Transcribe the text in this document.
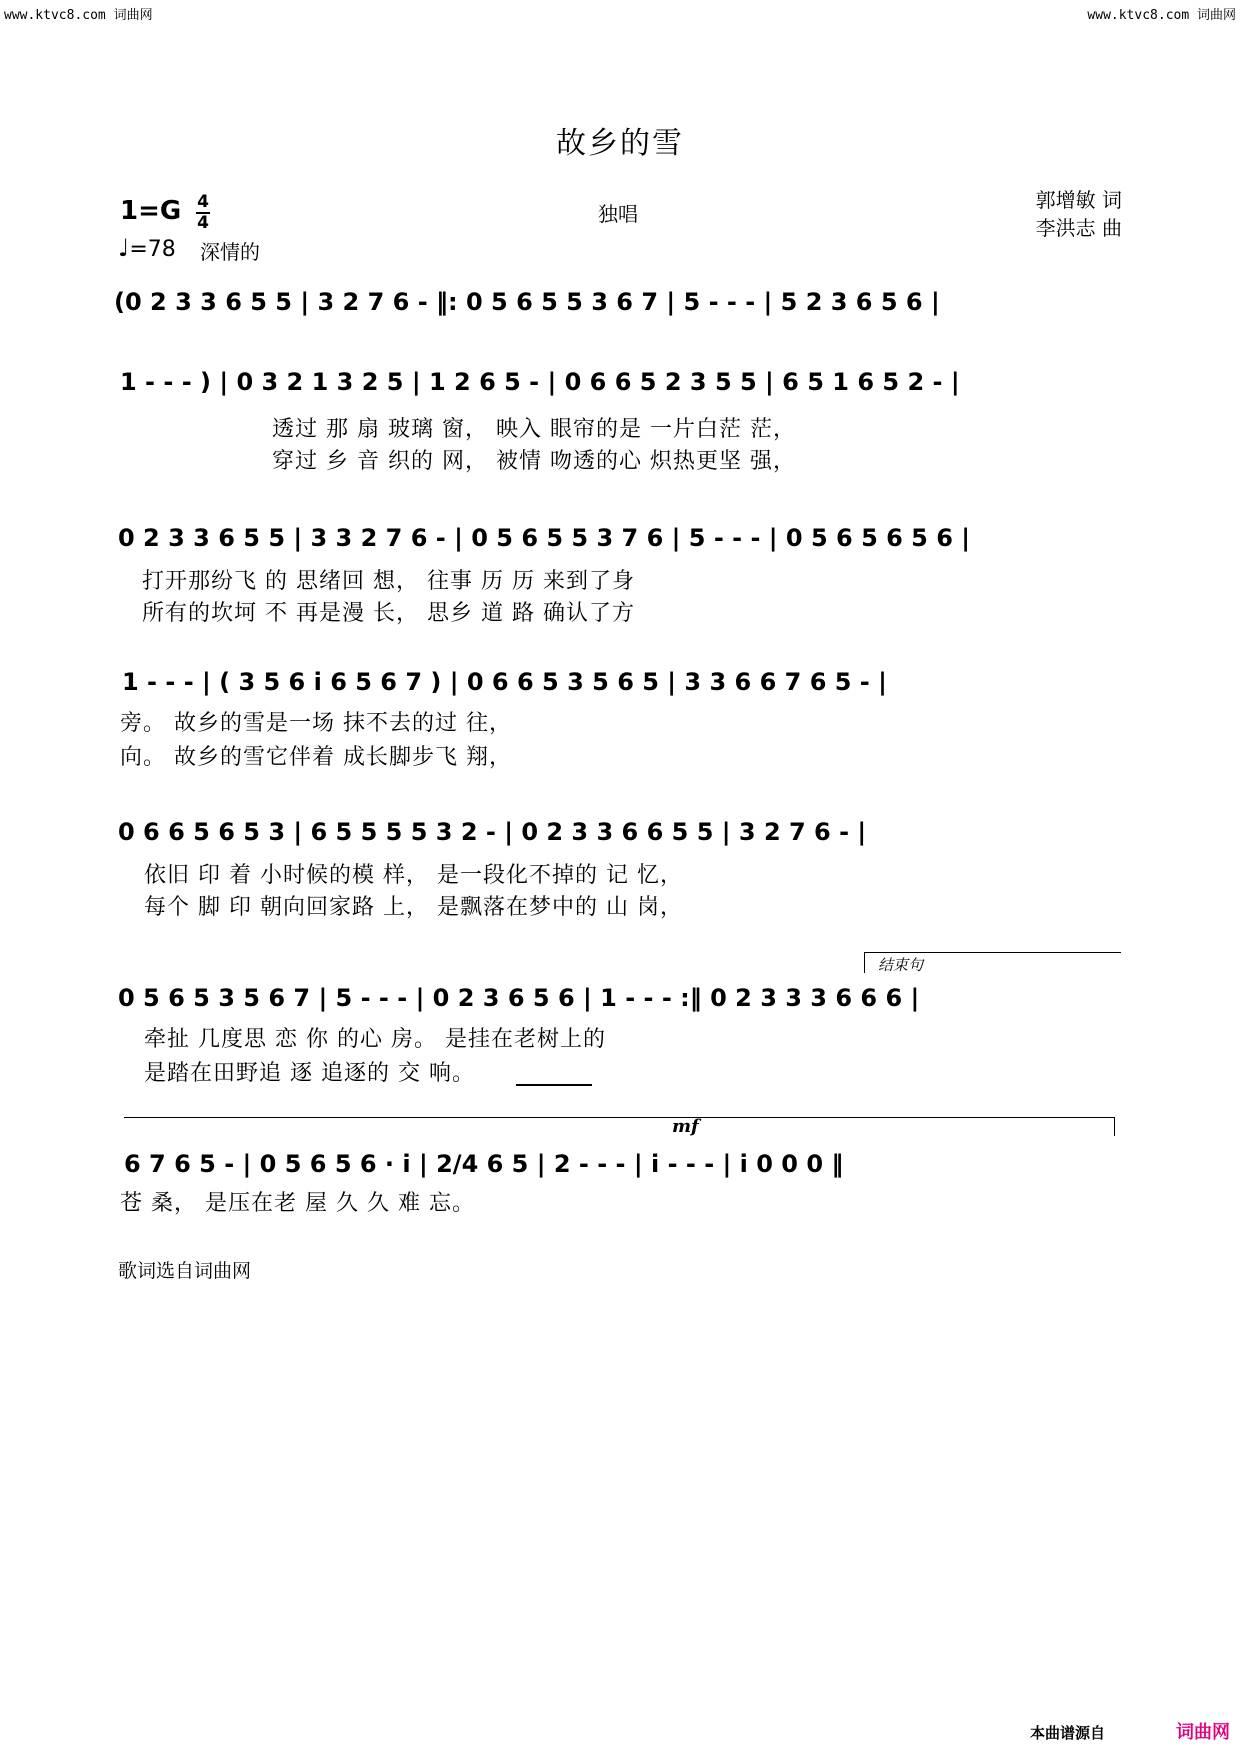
www.ktvc8.com 词曲网	www.ktvc8.com 词曲网
故乡的雪
1=G 4
4
♩=78 深情的
独唱
郭增敏 词
李洪志 曲
(0 2 3 3 6 5 5 | 3 2 7 6 - ‖: 0 5 6 5 5 3 6 7 | 5 - - - | 5 2 3 6 5 6 |
1 - - - ) | 0 3 2 1 3 2 5 | 1 2 6 5 - | 0 6 6 5 2 3 5 5 | 6 5 1 6 5 2 - |
透过 那 扇 玻璃 窗， 映入 眼帘的是 一片白茫 茫，
穿过 乡 音 织的 网， 被情 吻透的心 炽热更坚 强，
0 2 3 3 6 5 5 | 3 3 2 7 6 - | 0 5 6 5 5 3 7 6 | 5 - - - | 0 5 6 5 6 5 6 |
打开那纷飞 的 思绪回 想， 往事 历 历 来到了身
所有的坎坷 不 再是漫 长， 思乡 道 路 确认了方
1 - - - | ( 3 5 6 i 6 5 6 7 ) | 0 6 6 5 3 5 6 5 | 3 3 6 6 7 6 5 - |
旁。 故乡的雪是一场 抹不去的过 往，
向。 故乡的雪它伴着 成长脚步飞 翔，
0 6 6 5 6 5 3 | 6 5 5 5 5 3 2 - | 0 2 3 3 6 6 5 5 | 3 2 7 6 - |
依旧 印 着 小时候的模 样， 是一段化不掉的 记 忆，
每个 脚 印 朝向回家路 上， 是飘落在梦中的 山 岗，
结束句
0 5 6 5 3 5 6 7 | 5 - - - | 0 2 3 6 5 6 | 1 - - - :‖ 0 2 3 3 3 6 6 6 |
牵扯 几度思 恋 你 的心 房。 是挂在老树上的
是踏在田野追 逐 追逐的 交 响。
mf
6 7 6 5 - | 0 5 6 5 6 · i | 2/4 6 5 | 2 - - - | i - - - | i 0 0 0 ‖
苍 桑， 是压在老 屋 久 久 难 忘。
歌词选自词曲网
本曲谱源自	词曲网
